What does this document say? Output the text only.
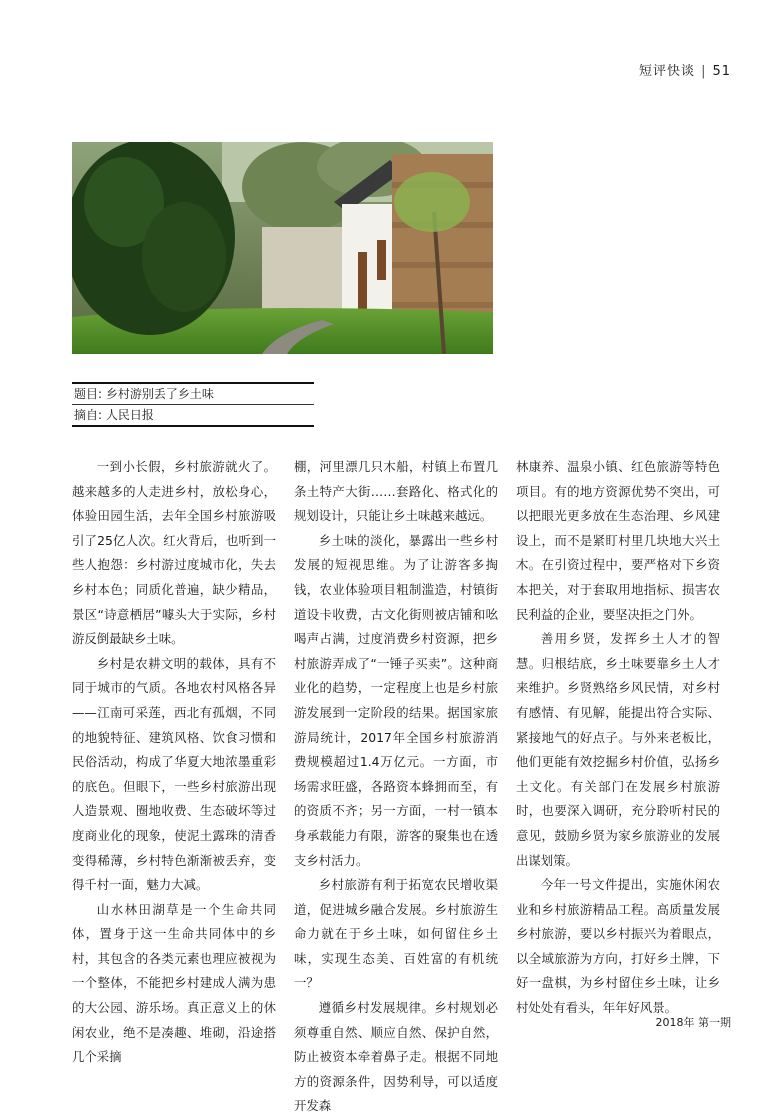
短评快谈 | 51
题目: 乡村游别丢了乡土味
摘自: 人民日报

一到小长假，乡村旅游就火了。越来越多的人走进乡村，放松身心，体验田园生活，去年全国乡村旅游吸引了25亿人次。红火背后，也听到一些人抱怨：乡村游过度城市化，失去乡村本色；同质化普遍，缺少精品，景区“诗意栖居”噱头大于实际，乡村游反倒最缺乡土味。

乡村是农耕文明的载体，具有不同于城市的气质。各地农村风格各异——江南可采莲，西北有孤烟，不同的地貌特征、建筑风格、饮食习惯和民俗活动，构成了华夏大地浓墨重彩的底色。但眼下，一些乡村旅游出现人造景观、圈地收费、生态破坏等过度商业化的现象，使泥土露珠的清香变得稀薄，乡村特色渐渐被丢弃，变得千村一面，魅力大减。

山水林田湖草是一个生命共同体，置身于这一生命共同体中的乡村，其包含的各类元素也理应被视为一个整体，不能把乡村建成人满为患的大公园、游乐场。真正意义上的休闲农业，绝不是凑趣、堆砌，沿途搭几个采摘

棚，河里漂几只木船，村镇上布置几条土特产大街……套路化、格式化的规划设计，只能让乡土味越来越远。

乡土味的淡化，暴露出一些乡村发展的短视思维。为了让游客多掏钱，农业体验项目粗制滥造，村镇街道设卡收费，古文化街则被店铺和吆喝声占满，过度消费乡村资源，把乡村旅游弄成了“一锤子买卖”。这种商业化的趋势，一定程度上也是乡村旅游发展到一定阶段的结果。据国家旅游局统计，2017年全国乡村旅游消费规模超过1.4万亿元。一方面，市场需求旺盛，各路资本蜂拥而至，有的资质不齐；另一方面，一村一镇本身承载能力有限，游客的聚集也在透支乡村活力。

乡村旅游有利于拓宽农民增收渠道，促进城乡融合发展。乡村旅游生命力就在于乡土味，如何留住乡土味，实现生态美、百姓富的有机统一？

遵循乡村发展规律。乡村规划必须尊重自然、顺应自然、保护自然，防止被资本牵着鼻子走。根据不同地方的资源条件，因势利导，可以适度开发森

林康养、温泉小镇、红色旅游等特色项目。有的地方资源优势不突出，可以把眼光更多放在生态治理、乡风建设上，而不是紧盯村里几块地大兴土木。在引资过程中，要严格对下乡资本把关，对于套取用地指标、损害农民利益的企业，要坚决拒之门外。

善用乡贤，发挥乡土人才的智慧。归根结底，乡土味要靠乡土人才来维护。乡贤熟络乡风民情，对乡村有感情、有见解，能提出符合实际、紧接地气的好点子。与外来老板比，他们更能有效挖掘乡村价值，弘扬乡土文化。有关部门在发展乡村旅游时，也要深入调研，充分聆听村民的意见，鼓励乡贤为家乡旅游业的发展出谋划策。

今年一号文件提出，实施休闲农业和乡村旅游精品工程。高质量发展乡村旅游，要以乡村振兴为着眼点，以全域旅游为方向，打好乡土牌，下好一盘棋，为乡村留住乡土味，让乡村处处有看头，年年好风景。

2018年 第一期
